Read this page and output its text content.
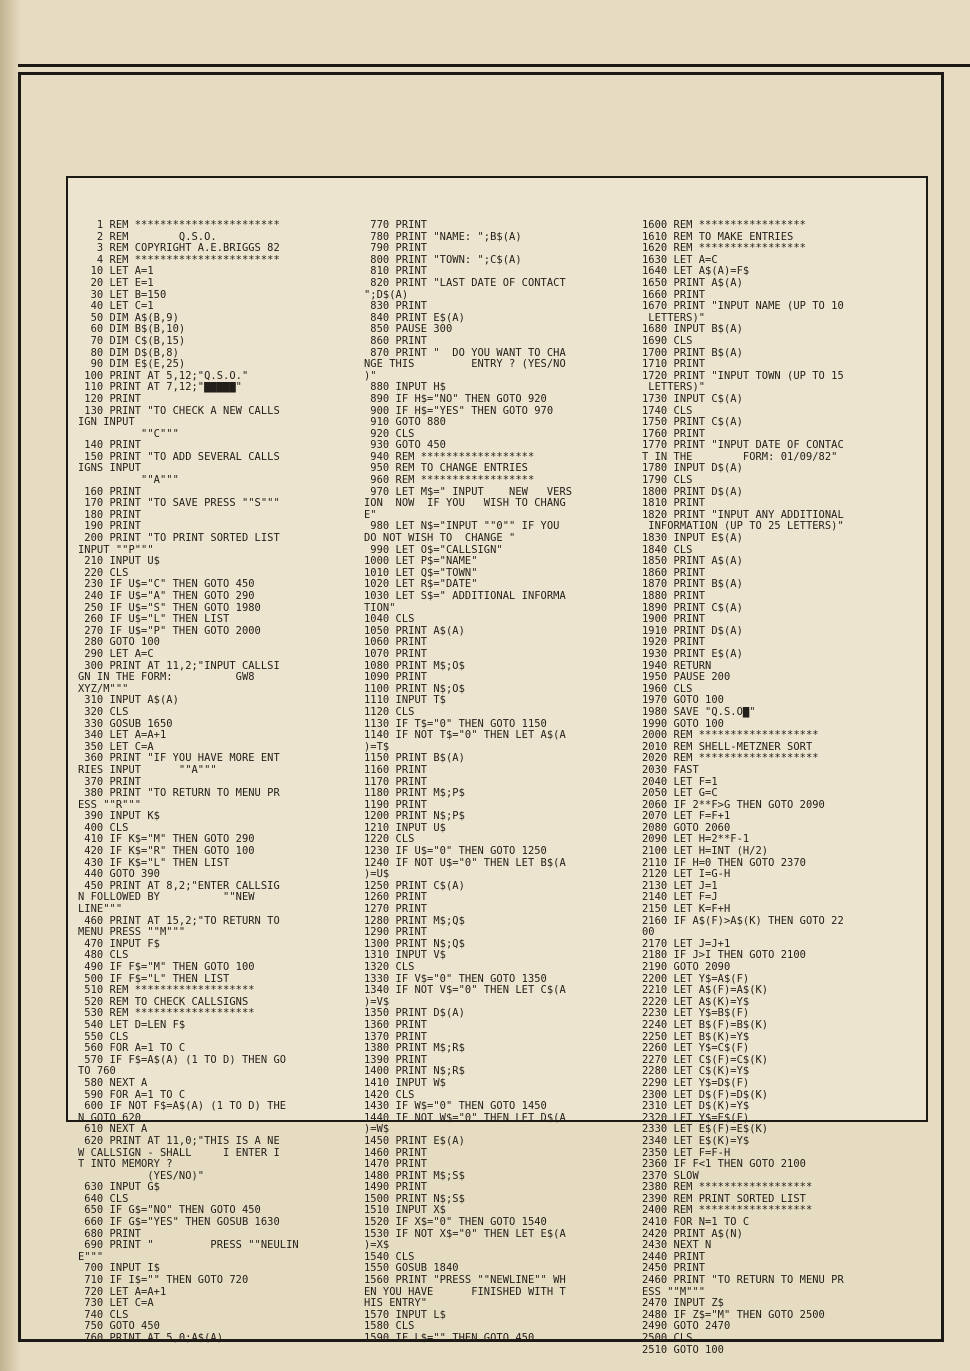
1 REM ***********************
2 REM        Q.S.O.
3 REM COPYRIGHT A.E.BRIGGS 82
4 REM ***********************
10 LET A=1
20 LET E=1
30 LET B=150
40 LET C=1
50 DIM A$(B,9)
60 DIM B$(B,10)
70 DIM C$(B,15)
80 DIM D$(B,8)
90 DIM E$(E,25)
100 PRINT AT 5,12;"Q.S.O."
110 PRINT AT 7,12;"█████"
120 PRINT
130 PRINT "TO CHECK A NEW CALLS
IGN INPUT
""C"""
140 PRINT
150 PRINT "TO ADD SEVERAL CALLS
IGNS INPUT
""A"""
160 PRINT
170 PRINT "TO SAVE PRESS ""S"""
180 PRINT
190 PRINT
200 PRINT "TO PRINT SORTED LIST
INPUT ""P"""
210 INPUT U$
220 CLS
230 IF U$="C" THEN GOTO 450
240 IF U$="A" THEN GOTO 290
250 IF U$="S" THEN GOTO 1980
260 IF U$="L" THEN LIST
270 IF U$="P" THEN GOTO 2000
280 GOTO 100
290 LET A=C
300 PRINT AT 11,2;"INPUT CALLSI
GN IN THE FORM:          GW8
XYZ/M"""
310 INPUT A$(A)
320 CLS
330 GOSUB 1650
340 LET A=A+1
350 LET C=A
360 PRINT "IF YOU HAVE MORE ENT
RIES INPUT      ""A"""
370 PRINT
380 PRINT "TO RETURN TO MENU PR
ESS ""R"""
390 INPUT K$
400 CLS
410 IF K$="M" THEN GOTO 290
420 IF K$="R" THEN GOTO 100
430 IF K$="L" THEN LIST
440 GOTO 390
450 PRINT AT 8,2;"ENTER CALLSIG
N FOLLOWED BY          ""NEW
LINE"""
460 PRINT AT 15,2;"TO RETURN TO
MENU PRESS ""M"""
470 INPUT F$
480 CLS
490 IF F$="M" THEN GOTO 100
500 IF F$="L" THEN LIST
510 REM *******************
520 REM TO CHECK CALLSIGNS
530 REM *******************
540 LET D=LEN F$
550 CLS
560 FOR A=1 TO C
570 IF F$=A$(A) (1 TO D) THEN GO
TO 760
580 NEXT A
590 FOR A=1 TO C
600 IF NOT F$=A$(A) (1 TO D) THE
N GOTO 620
610 NEXT A
620 PRINT AT 11,0;"THIS IS A NE
W CALLSIGN - SHALL     I ENTER I
T INTO MEMORY ?
(YES/NO)"
630 INPUT G$
640 CLS
650 IF G$="NO" THEN GOTO 450
660 IF G$="YES" THEN GOSUB 1630
680 PRINT
690 PRINT "         PRESS ""NEULIN
E"""
700 INPUT I$
710 IF I$="" THEN GOTO 720
720 LET A=A+1
730 LET C=A
740 CLS
750 GOTO 450
760 PRINT AT 5,0;A$(A)
770 PRINT
780 PRINT "NAME: ";B$(A)
790 PRINT
800 PRINT "TOWN: ";C$(A)
810 PRINT
820 PRINT "LAST DATE OF CONTACT
";D$(A)
830 PRINT
840 PRINT E$(A)
850 PAUSE 300
860 PRINT
870 PRINT "  DO YOU WANT TO CHA
NGE THIS         ENTRY ? (YES/NO
)"
880 INPUT H$
890 IF H$="NO" THEN GOTO 920
900 IF H$="YES" THEN GOTO 970
910 GOTO 880
920 CLS
930 GOTO 450
940 REM ******************
950 REM TO CHANGE ENTRIES
960 REM ******************
970 LET M$=" INPUT    NEW   VERS
ION  NOW  IF YOU   WISH TO CHANG
E"
980 LET N$="INPUT ""0"" IF YOU
DO NOT WISH TO  CHANGE "
990 LET O$="CALLSIGN"
1000 LET P$="NAME"
1010 LET Q$="TOWN"
1020 LET R$="DATE"
1030 LET S$=" ADDITIONAL INFORMA
TION"
1040 CLS
1050 PRINT A$(A)
1060 PRINT
1070 PRINT
1080 PRINT M$;O$
1090 PRINT
1100 PRINT N$;O$
1110 INPUT T$
1120 CLS
1130 IF T$="0" THEN GOTO 1150
1140 IF NOT T$="0" THEN LET A$(A
)=T$
1150 PRINT B$(A)
1160 PRINT
1170 PRINT
1180 PRINT M$;P$
1190 PRINT
1200 PRINT N$;P$
1210 INPUT U$
1220 CLS
1230 IF U$="0" THEN GOTO 1250
1240 IF NOT U$="0" THEN LET B$(A
)=U$
1250 PRINT C$(A)
1260 PRINT
1270 PRINT
1280 PRINT M$;Q$
1290 PRINT
1300 PRINT N$;Q$
1310 INPUT V$
1320 CLS
1330 IF V$="0" THEN GOTO 1350
1340 IF NOT V$="0" THEN LET C$(A
)=V$
1350 PRINT D$(A)
1360 PRINT
1370 PRINT
1380 PRINT M$;R$
1390 PRINT
1400 PRINT N$;R$
1410 INPUT W$
1420 CLS
1430 IF W$="0" THEN GOTO 1450
1440 IF NOT W$="0" THEN LET D$(A
)=W$
1450 PRINT E$(A)
1460 PRINT
1470 PRINT
1480 PRINT M$;S$
1490 PRINT
1500 PRINT N$;S$
1510 INPUT X$
1520 IF X$="0" THEN GOTO 1540
1530 IF NOT X$="0" THEN LET E$(A
)=X$
1540 CLS
1550 GOSUB 1840
1560 PRINT "PRESS ""NEWLINE"" WH
EN YOU HAVE      FINISHED WITH T
HIS ENTRY"
1570 INPUT L$
1580 CLS
1590 IF L$="" THEN GOTO 450
1600 REM *****************
1610 REM TO MAKE ENTRIES
1620 REM *****************
1630 LET A=C
1640 LET A$(A)=F$
1650 PRINT A$(A)
1660 PRINT
1670 PRINT "INPUT NAME (UP TO 10
LETTERS)"
1680 INPUT B$(A)
1690 CLS
1700 PRINT B$(A)
1710 PRINT
1720 PRINT "INPUT TOWN (UP TO 15
LETTERS)"
1730 INPUT C$(A)
1740 CLS
1750 PRINT C$(A)
1760 PRINT
1770 PRINT "INPUT DATE OF CONTAC
T IN THE        FORM: 01/09/82"
1780 INPUT D$(A)
1790 CLS
1800 PRINT D$(A)
1810 PRINT
1820 PRINT "INPUT ANY ADDITIONAL
INFORMATION (UP TO 25 LETTERS)"
1830 INPUT E$(A)
1840 CLS
1850 PRINT A$(A)
1860 PRINT
1870 PRINT B$(A)
1880 PRINT
1890 PRINT C$(A)
1900 PRINT
1910 PRINT D$(A)
1920 PRINT
1930 PRINT E$(A)
1940 RETURN
1950 PAUSE 200
1960 CLS
1970 GOTO 100
1980 SAVE "Q.S.O█"
1990 GOTO 100
2000 REM *******************
2010 REM SHELL-METZNER SORT
2020 REM *******************
2030 FAST
2040 LET F=1
2050 LET G=C
2060 IF 2**F>G THEN GOTO 2090
2070 LET F=F+1
2080 GOTO 2060
2090 LET H=2**F-1
2100 LET H=INT (H/2)
2110 IF H=0 THEN GOTO 2370
2120 LET I=G-H
2130 LET J=1
2140 LET F=J
2150 LET K=F+H
2160 IF A$(F)>A$(K) THEN GOTO 22
00
2170 LET J=J+1
2180 IF J>I THEN GOTO 2100
2190 GOTO 2090
2200 LET Y$=A$(F)
2210 LET A$(F)=A$(K)
2220 LET A$(K)=Y$
2230 LET Y$=B$(F)
2240 LET B$(F)=B$(K)
2250 LET B$(K)=Y$
2260 LET Y$=C$(F)
2270 LET C$(F)=C$(K)
2280 LET C$(K)=Y$
2290 LET Y$=D$(F)
2300 LET D$(F)=D$(K)
2310 LET D$(K)=Y$
2320 LET Y$=E$(F)
2330 LET E$(F)=E$(K)
2340 LET E$(K)=Y$
2350 LET F=F-H
2360 IF F<1 THEN GOTO 2100
2370 SLOW
2380 REM ******************
2390 REM PRINT SORTED LIST
2400 REM ******************
2410 FOR N=1 TO C
2420 PRINT A$(N)
2430 NEXT N
2440 PRINT
2450 PRINT
2460 PRINT "TO RETURN TO MENU PR
ESS ""M"""
2470 INPUT Z$
2480 IF Z$="M" THEN GOTO 2500
2490 GOTO 2470
2500 CLS
2510 GOTO 100
